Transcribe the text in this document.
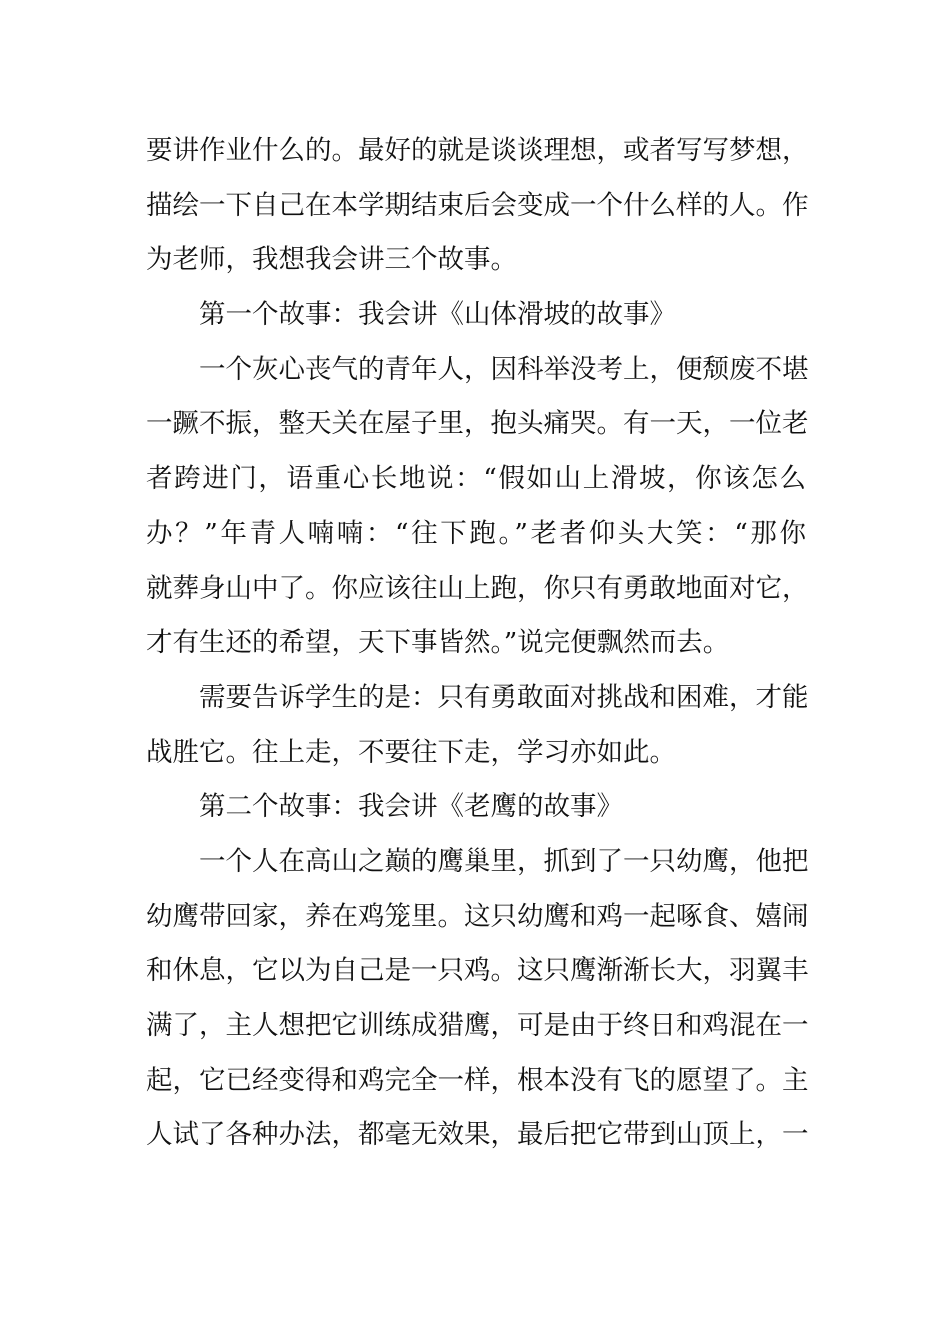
要讲作业什么的。最好的就是谈谈理想，或者写写梦想，
描绘一下自己在本学期结束后会变成一个什么样的人。作
为老师，我想我会讲三个故事。
第一个故事：我会讲《山体滑坡的故事》
一个灰心丧气的青年人，因科举没考上，便颓废不堪
一蹶不振，整天关在屋子里，抱头痛哭。有一天，一位老
者跨进门，语重心长地说：“假如山上滑坡，你该怎么
办？”年青人喃喃：“往下跑。”老者仰头大笑：“那你
就葬身山中了。你应该往山上跑，你只有勇敢地面对它，
才有生还的希望，天下事皆然。”说完便飘然而去。
需要告诉学生的是：只有勇敢面对挑战和困难，才能
战胜它。往上走，不要往下走，学习亦如此。
第二个故事：我会讲《老鹰的故事》
一个人在高山之巅的鹰巢里，抓到了一只幼鹰，他把
幼鹰带回家，养在鸡笼里。这只幼鹰和鸡一起啄食、嬉闹
和休息，它以为自己是一只鸡。这只鹰渐渐长大，羽翼丰
满了，主人想把它训练成猎鹰，可是由于终日和鸡混在一
起，它已经变得和鸡完全一样，根本没有飞的愿望了。主
人试了各种办法，都毫无效果，最后把它带到山顶上，一
